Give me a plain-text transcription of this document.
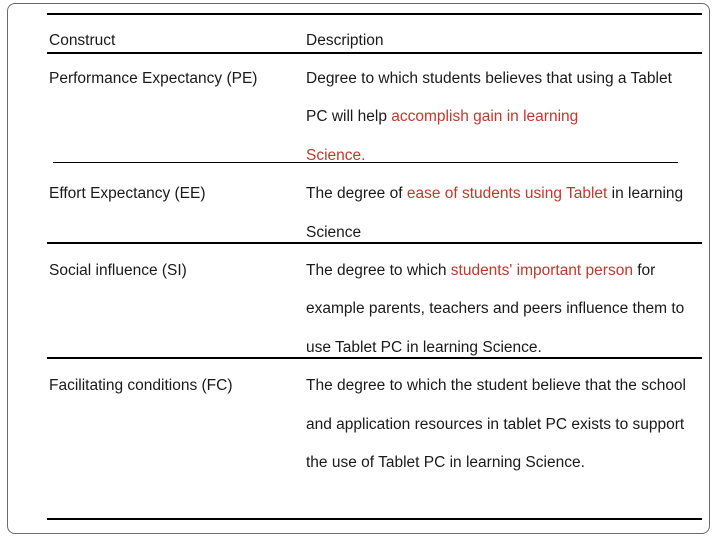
Construct	Description
Performance Expectancy (PE)	Degree to which students believes that using a Tablet
PC will help accomplish gain in learning
Science.
Effort Expectancy (EE)	The degree of ease of students using Tablet in learning
Science
Social influence (SI)	The degree to which students' important person for
example parents, teachers and peers influence them to
use Tablet PC in learning Science.
Facilitating conditions (FC)	The degree to which the student believe that the school
and application resources in tablet PC exists to support
the use of Tablet PC in learning Science.
